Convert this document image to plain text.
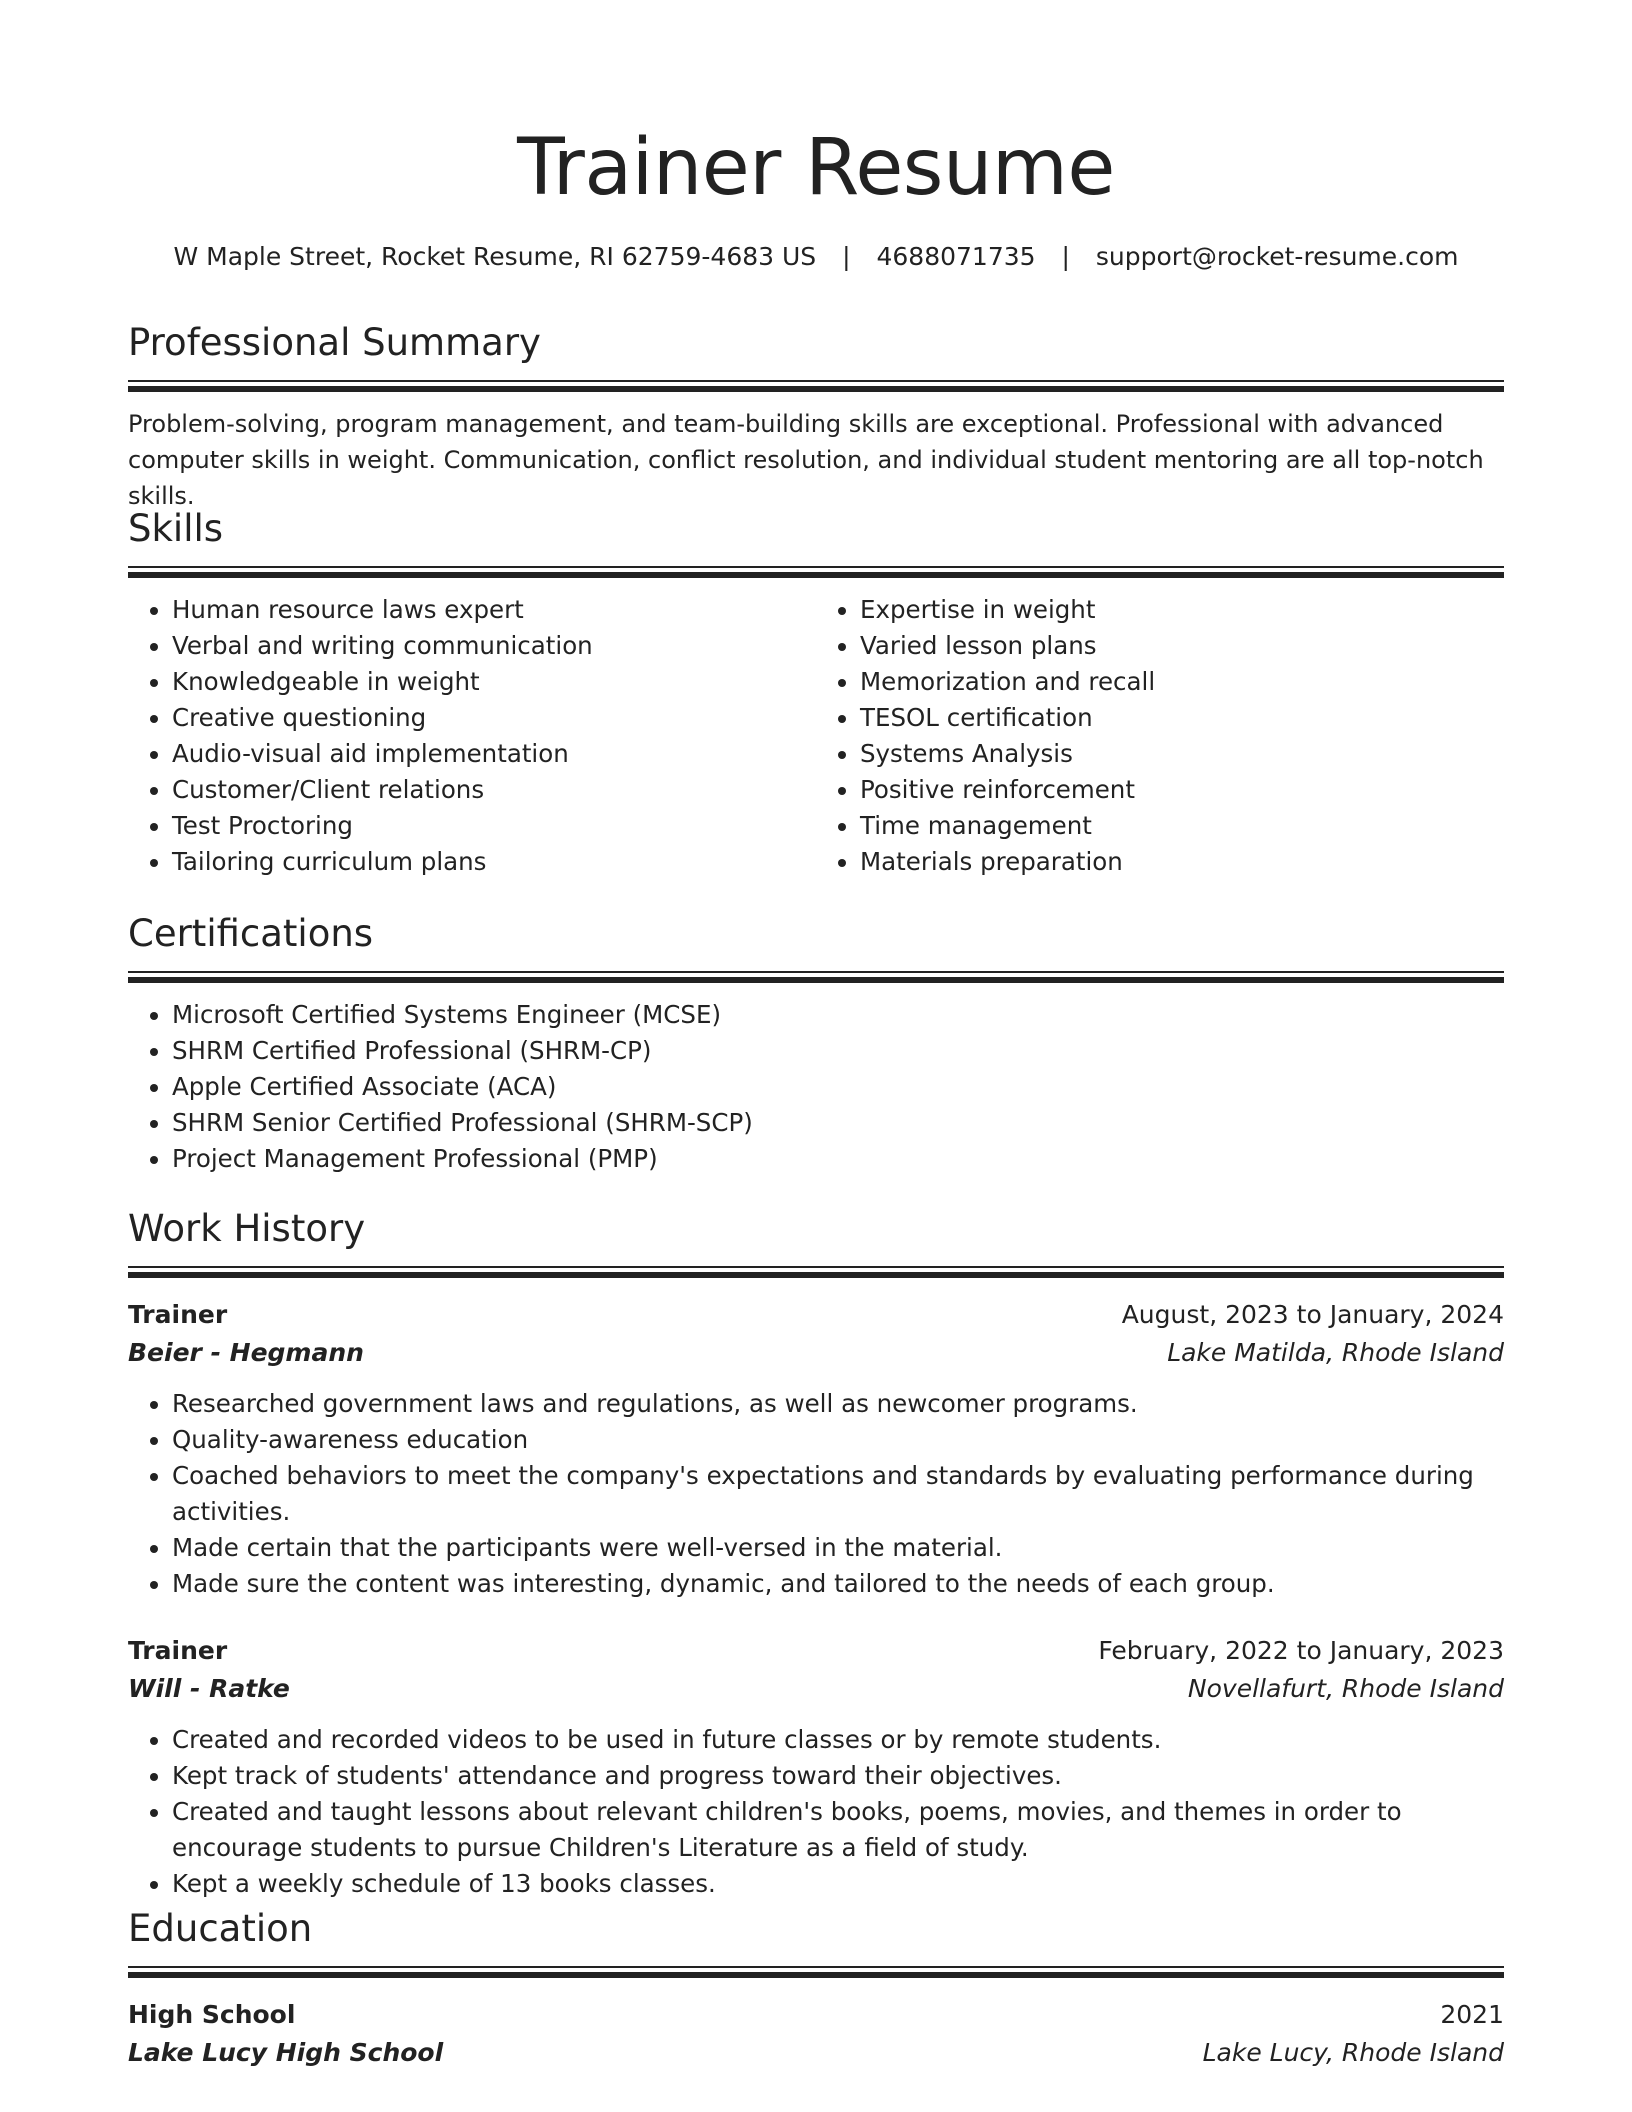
Trainer Resume
W Maple Street, Rocket Resume, RI 62759-4683 US | 4688071735 | support@rocket-resume.com
Professional Summary
Problem-solving, program management, and team-building skills are exceptional. Professional with advanced computer skills in weight. Communication, conflict resolution, and individual student mentoring are all top-notch skills.
Skills
• Human resource laws expert
• Verbal and writing communication
• Knowledgeable in weight
• Creative questioning
• Audio-visual aid implementation
• Customer/Client relations
• Test Proctoring
• Tailoring curriculum plans
• Expertise in weight
• Varied lesson plans
• Memorization and recall
• TESOL certification
• Systems Analysis
• Positive reinforcement
• Time management
• Materials preparation
Certifications
• Microsoft Certified Systems Engineer (MCSE)
• SHRM Certified Professional (SHRM-CP)
• Apple Certified Associate (ACA)
• SHRM Senior Certified Professional (SHRM-SCP)
• Project Management Professional (PMP)
Work History
Trainer	August, 2023 to January, 2024
Beier - Hegmann	Lake Matilda, Rhode Island
• Researched government laws and regulations, as well as newcomer programs.
• Quality-awareness education
• Coached behaviors to meet the company's expectations and standards by evaluating performance during activities.
• Made certain that the participants were well-versed in the material.
• Made sure the content was interesting, dynamic, and tailored to the needs of each group.
Trainer	February, 2022 to January, 2023
Will - Ratke	Novellafurt, Rhode Island
• Created and recorded videos to be used in future classes or by remote students.
• Kept track of students' attendance and progress toward their objectives.
• Created and taught lessons about relevant children's books, poems, movies, and themes in order to encourage students to pursue Children's Literature as a field of study.
• Kept a weekly schedule of 13 books classes.
Education
High School	2021
Lake Lucy High School	Lake Lucy, Rhode Island
